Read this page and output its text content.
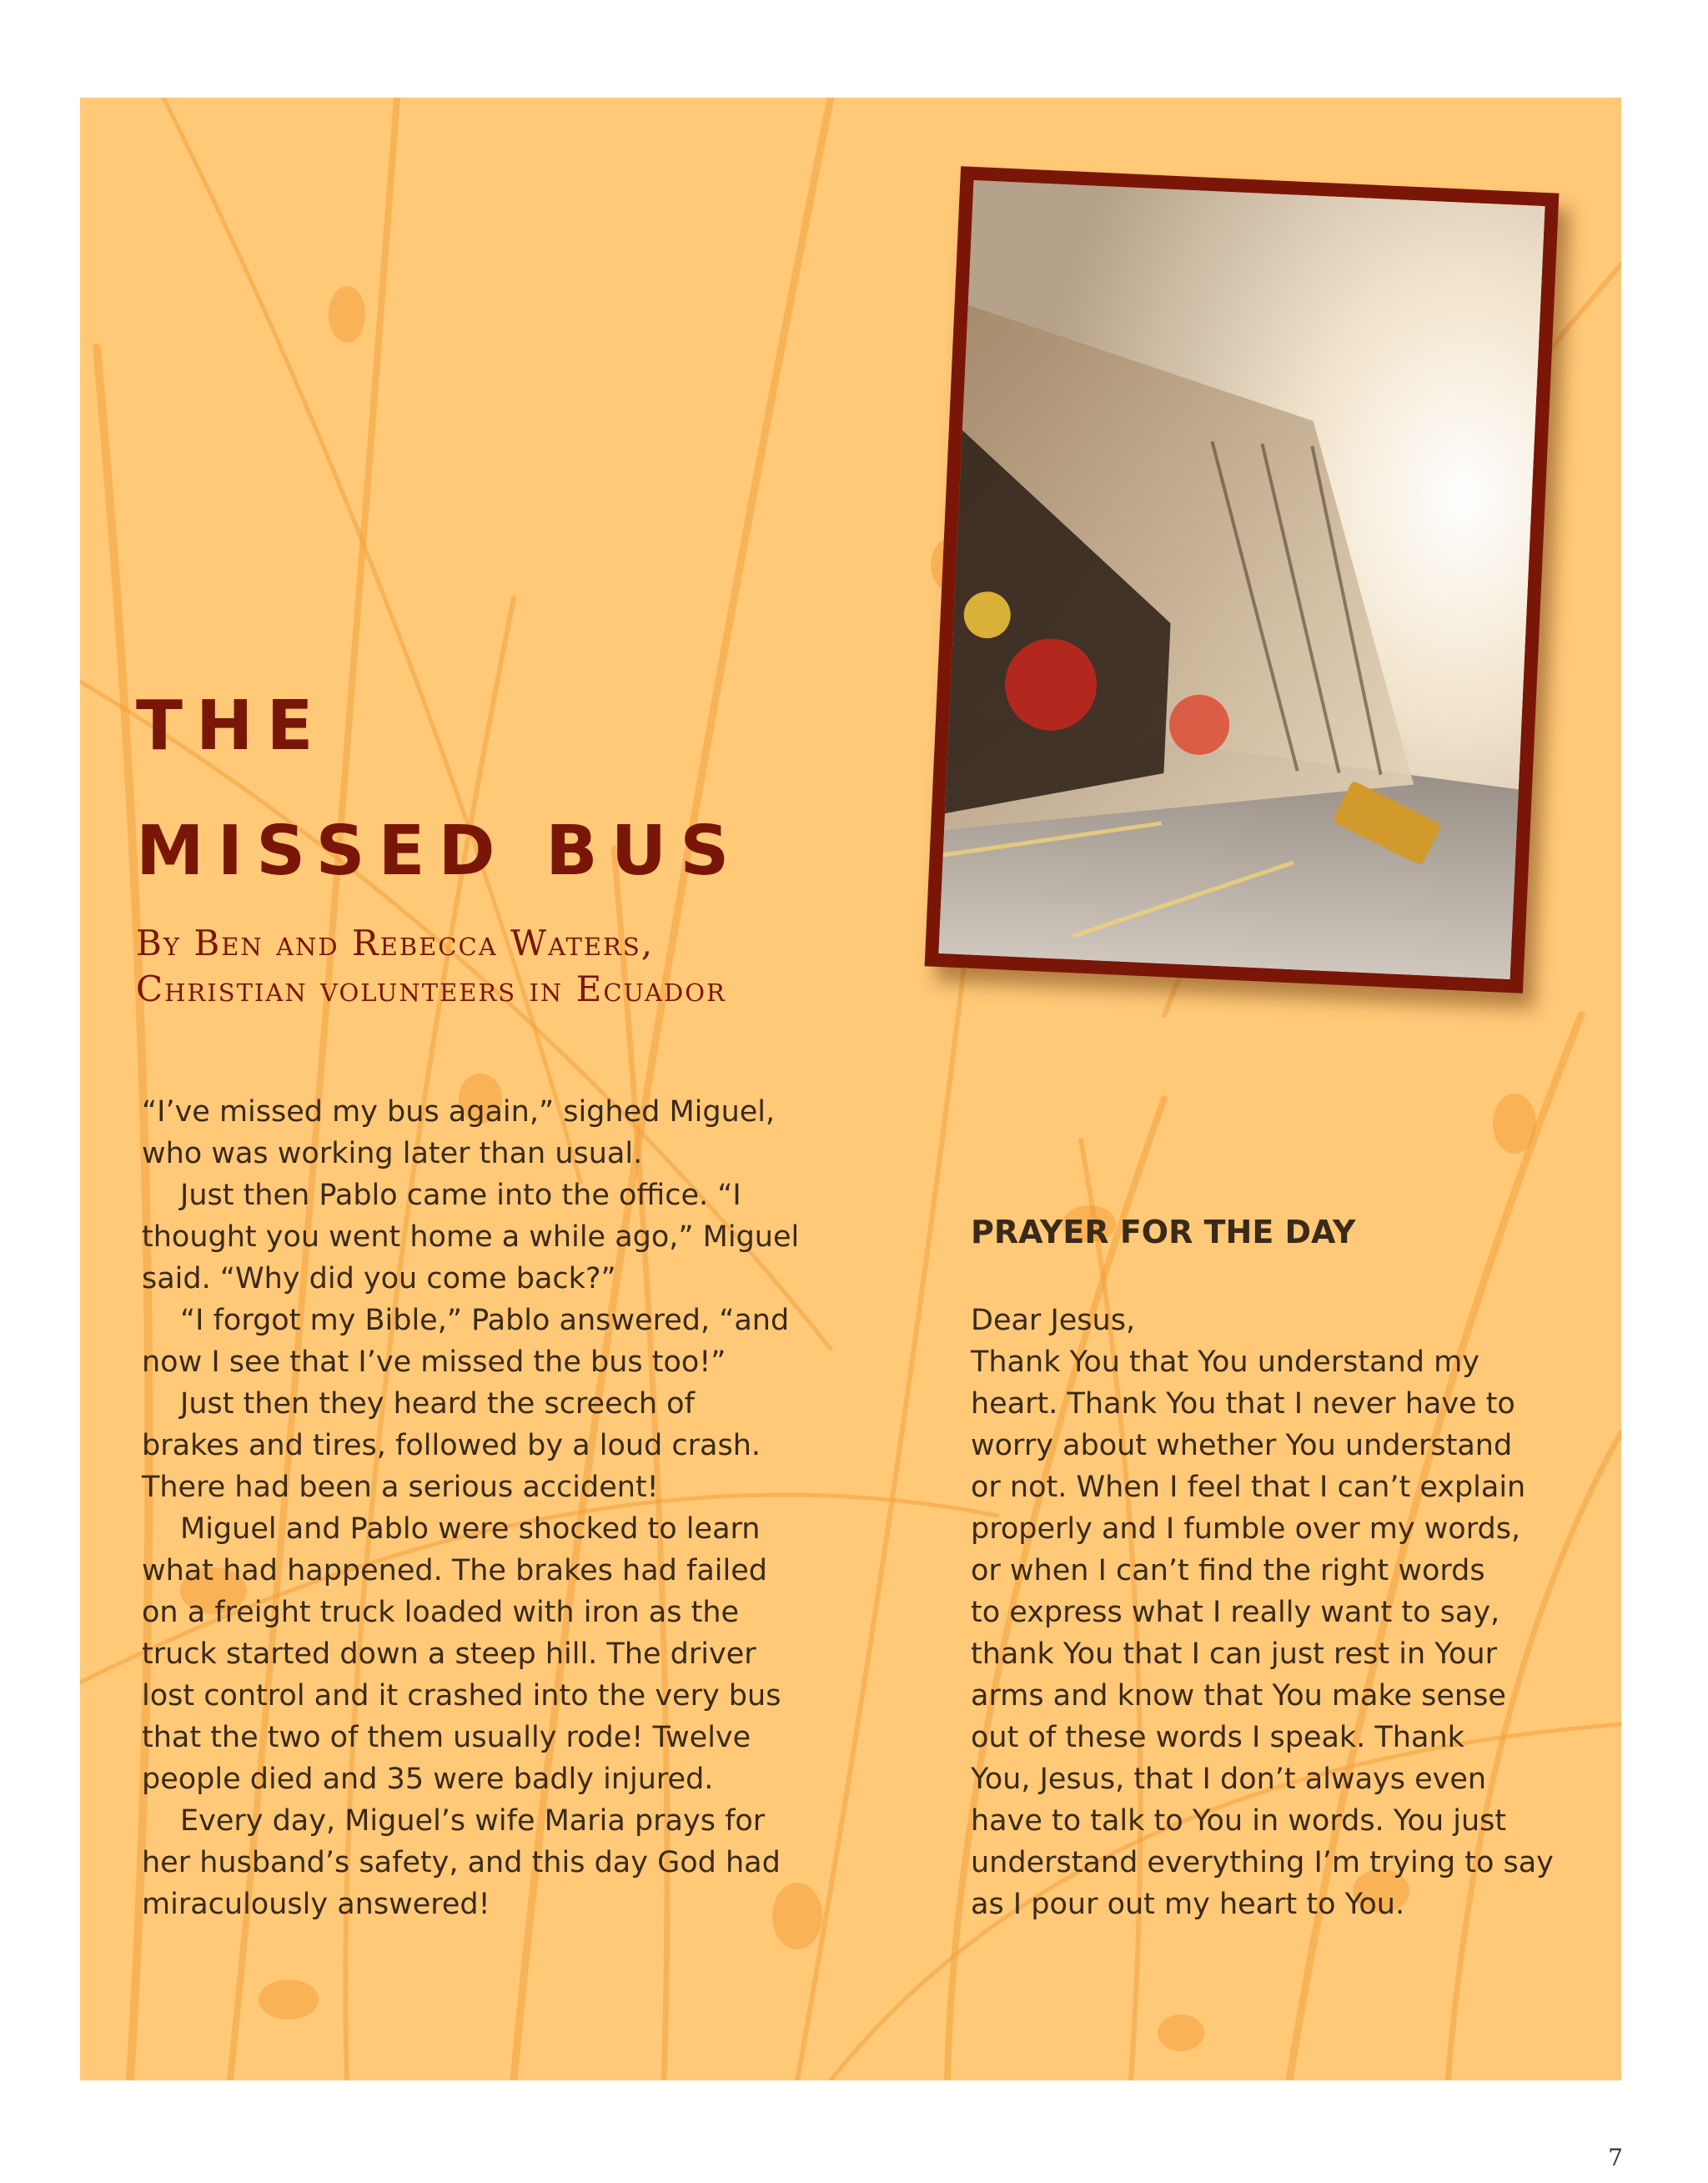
THE
MISSED BUS
By Ben and Rebecca Waters,
Christian volunteers in Ecuador
“I’ve missed my bus again,” sighed Miguel,
who was working later than usual.
Just then Pablo came into the office. “I
thought you went home a while ago,” Miguel
said. “Why did you come back?”
“I forgot my Bible,” Pablo answered, “and
now I see that I’ve missed the bus too!”
Just then they heard the screech of
brakes and tires, followed by a loud crash.
There had been a serious accident!
Miguel and Pablo were shocked to learn
what had happened. The brakes had failed
on a freight truck loaded with iron as the
truck started down a steep hill. The driver
lost control and it crashed into the very bus
that the two of them usually rode! Twelve
people died and 35 were badly injured.
Every day, Miguel’s wife Maria prays for
her husband’s safety, and this day God had
miraculously answered!
PRAYER FOR THE DAY
Dear Jesus,
Thank You that You understand my
heart. Thank You that I never have to
worry about whether You understand
or not. When I feel that I can’t explain
properly and I fumble over my words,
or when I can’t find the right words
to express what I really want to say,
thank You that I can just rest in Your
arms and know that You make sense
out of these words I speak. Thank
You, Jesus, that I don’t always even
have to talk to You in words. You just
understand everything I’m trying to say
as I pour out my heart to You.
7
